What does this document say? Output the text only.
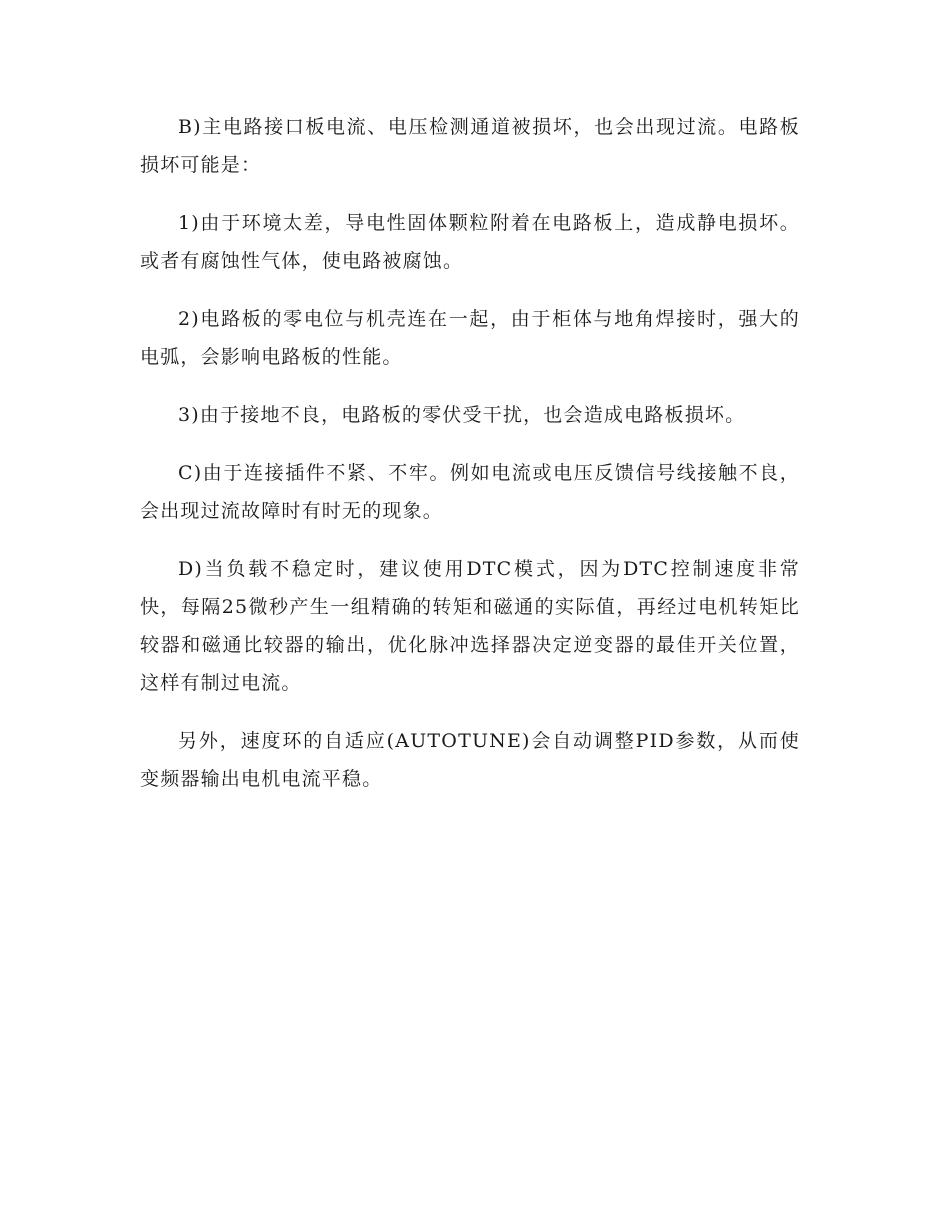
B)主电路接口板电流、电压检测通道被损坏，也会出现过流。电路板损坏可能是：

1)由于环境太差，导电性固体颗粒附着在电路板上，造成静电损坏。或者有腐蚀性气体，使电路被腐蚀。

2)电路板的零电位与机壳连在一起，由于柜体与地角焊接时，强大的电弧，会影响电路板的性能。

3)由于接地不良，电路板的零伏受干扰，也会造成电路板损坏。

C)由于连接插件不紧、不牢。例如电流或电压反馈信号线接触不良，会出现过流故障时有时无的现象。

D)当负载不稳定时，建议使用DTC模式，因为DTC控制速度非常快，每隔25微秒产生一组精确的转矩和磁通的实际值，再经过电机转矩比较器和磁通比较器的输出，优化脉冲选择器决定逆变器的最佳开关位置，这样有制过电流。

另外，速度环的自适应(AUTOTUNE)会自动调整PID参数，从而使变频器输出电机电流平稳。
